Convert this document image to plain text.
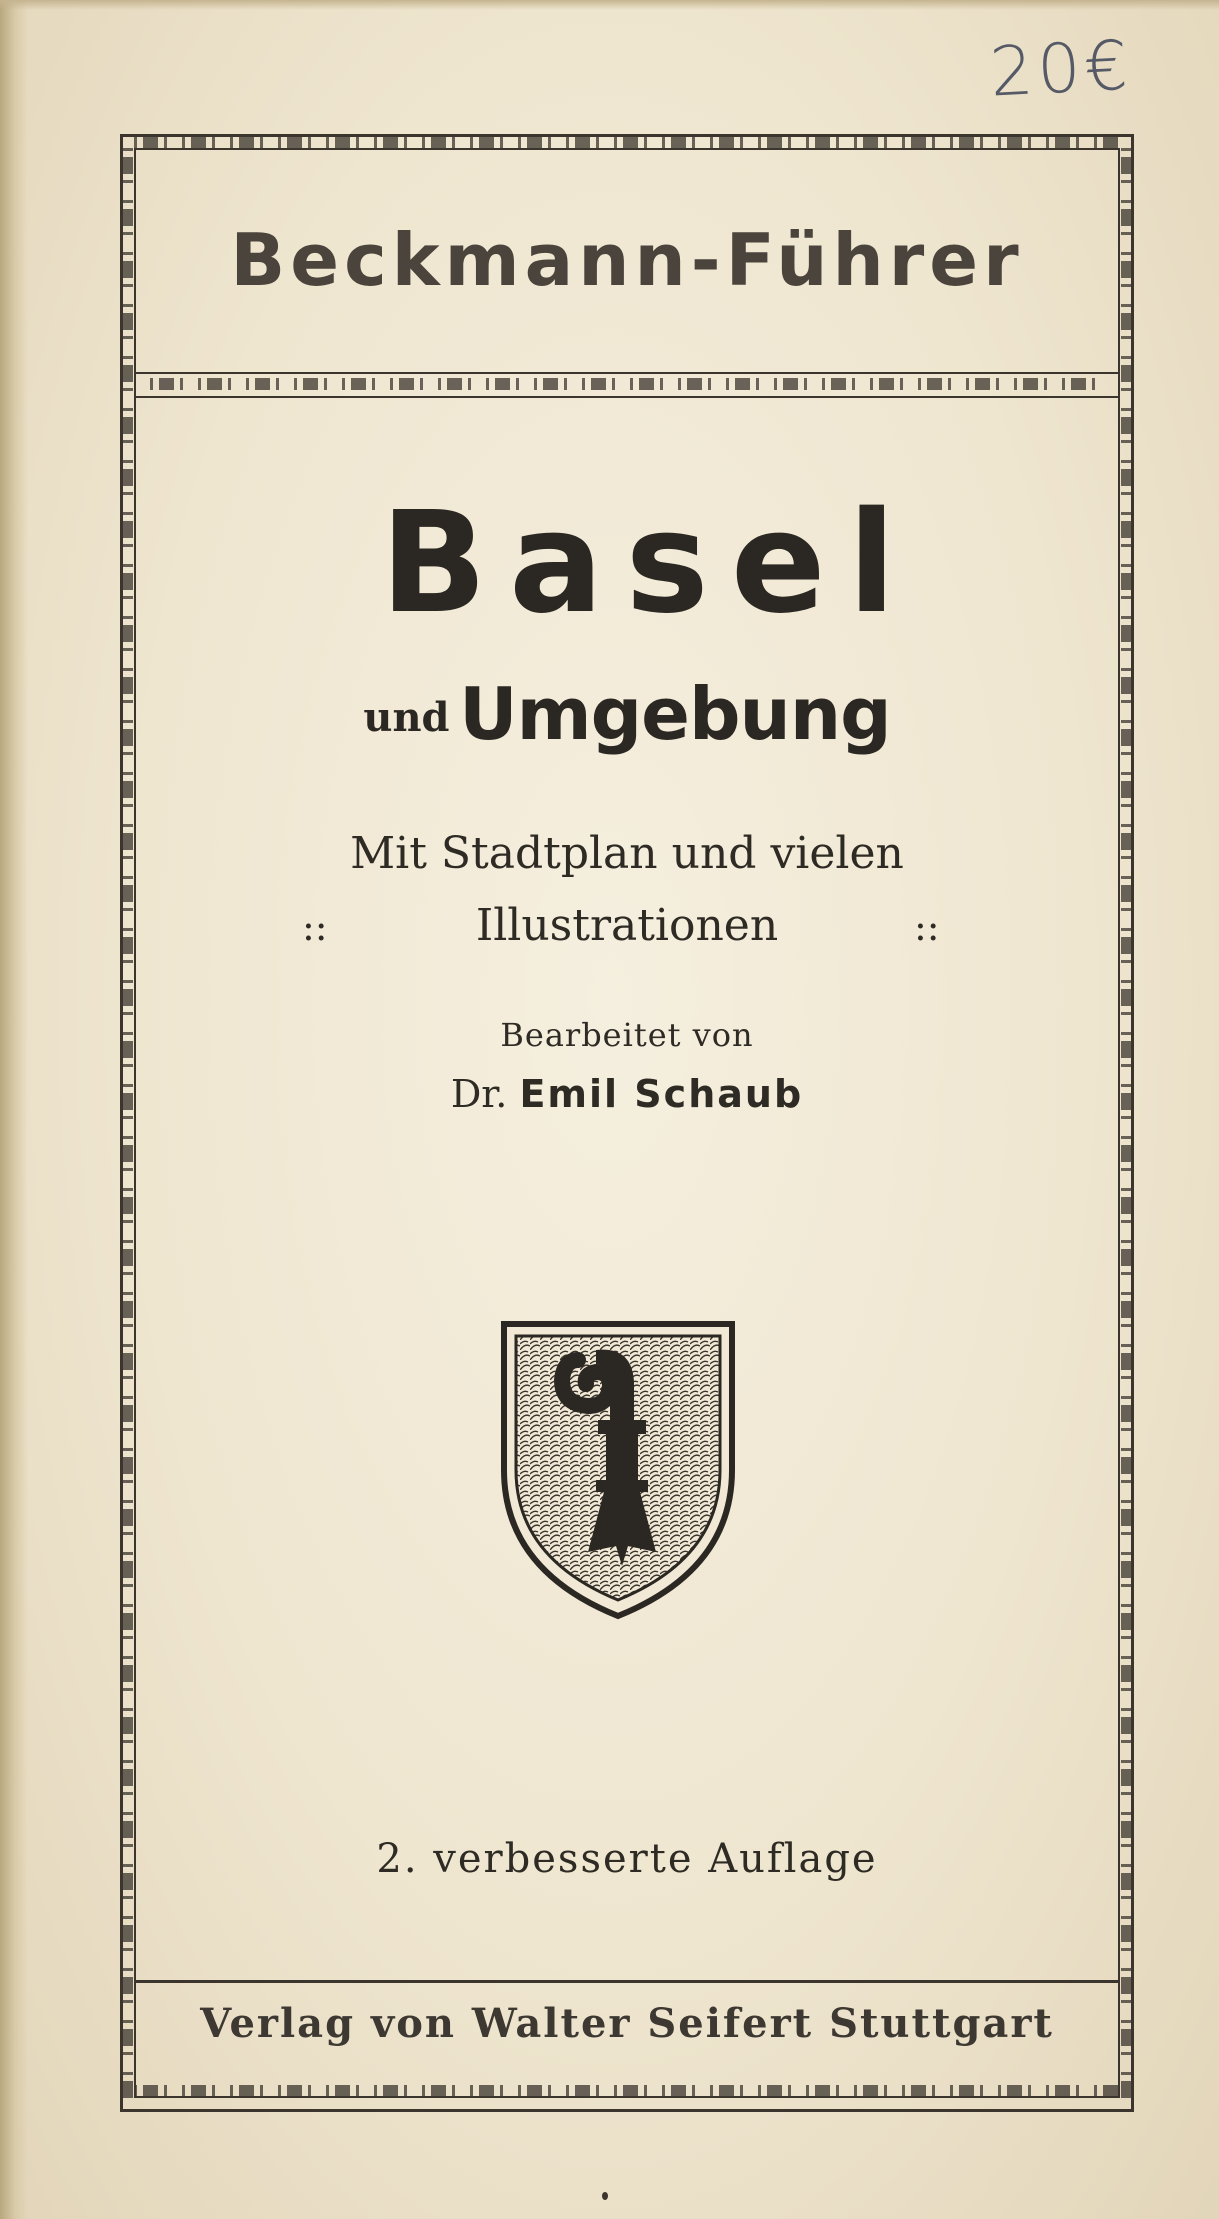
20€

Beckmann-Führer

Basel

und Umgebung

Mit Stadtplan und vielen

Illustrationen

::	::

Bearbeitet von

Dr. Emil Schaub

2. verbesserte Auflage

Verlag von Walter Seifert Stuttgart
